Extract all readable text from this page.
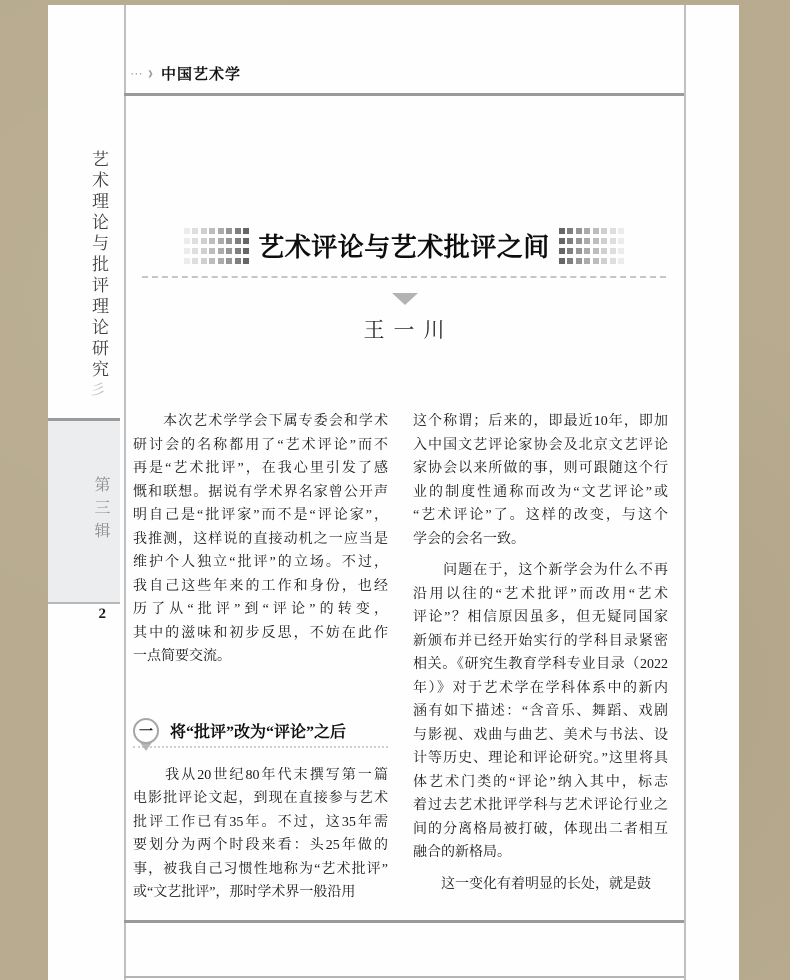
⋯ › 中国艺术学
艺术理论与批评理论研究
彡
第三辑
2
艺术评论与艺术批评之间
王一川
　　本次艺术学学会下属专委会和学术
研讨会的名称都用了“艺术评论”而不
再是“艺术批评”，在我心里引发了感
慨和联想。据说有学术界名家曾公开声
明自己是“批评家”而不是“评论家”，
我推测，这样说的直接动机之一应当是
维护个人独立“批评”的立场。不过，
我自己这些年来的工作和身份，也经
历了从“批评”到“评论”的转变，
其中的滋味和初步反思，不妨在此作
一点简要交流。
一	将“批评”改为“评论”之后
　　我从20世纪80年代末撰写第一篇
电影批评论文起，到现在直接参与艺术
批评工作已有35年。不过，这35年需
要划分为两个时段来看：头25年做的
事，被我自己习惯性地称为“艺术批评”
或“文艺批评”，那时学术界一般沿用
这个称谓；后来的，即最近10年，即加
入中国文艺评论家协会及北京文艺评论
家协会以来所做的事，则可跟随这个行
业的制度性通称而改为“文艺评论”或
“艺术评论”了。这样的改变，与这个
学会的会名一致。
　　问题在于，这个新学会为什么不再
沿用以往的“艺术批评”而改用“艺术
评论”？相信原因虽多，但无疑同国家
新颁布并已经开始实行的学科目录紧密
相关。《研究生教育学科专业目录（2022
年）》对于艺术学在学科体系中的新内
涵有如下描述：“含音乐、舞蹈、戏剧
与影视、戏曲与曲艺、美术与书法、设
计等历史、理论和评论研究。”这里将具
体艺术门类的“评论”纳入其中，标志
着过去艺术批评学科与艺术评论行业之
间的分离格局被打破，体现出二者相互
融合的新格局。
　　这一变化有着明显的长处，就是鼓
